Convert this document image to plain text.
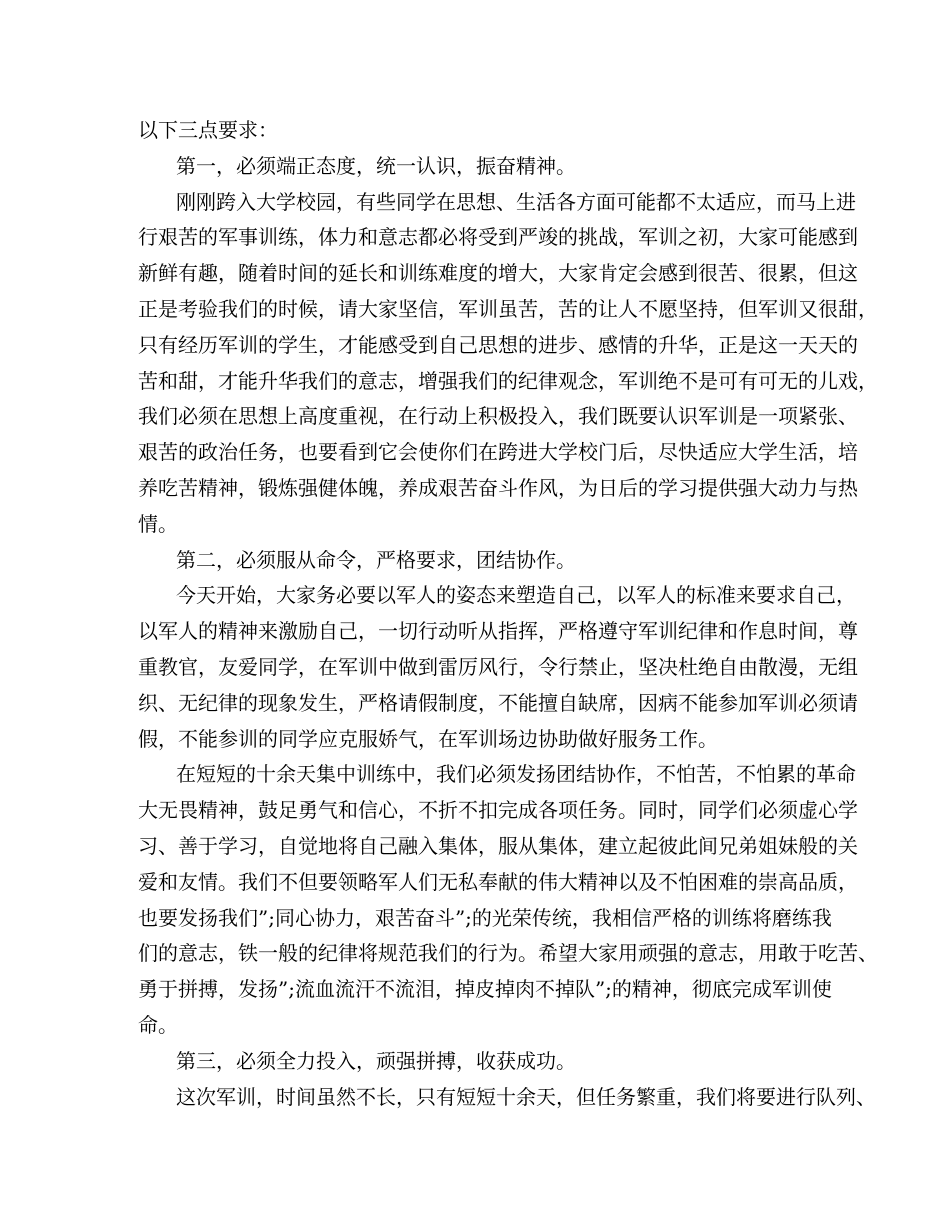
以下三点要求：
第一，必须端正态度，统一认识，振奋精神。
刚刚跨入大学校园，有些同学在思想、生活各方面可能都不太适应，而马上进
行艰苦的军事训练，体力和意志都必将受到严竣的挑战，军训之初，大家可能感到
新鲜有趣，随着时间的延长和训练难度的增大，大家肯定会感到很苦、很累，但这
正是考验我们的时候，请大家坚信，军训虽苦，苦的让人不愿坚持，但军训又很甜，
只有经历军训的学生，才能感受到自己思想的进步、感情的升华，正是这一天天的
苦和甜，才能升华我们的意志，增强我们的纪律观念，军训绝不是可有可无的儿戏，
我们必须在思想上高度重视，在行动上积极投入，我们既要认识军训是一项紧张、
艰苦的政治任务，也要看到它会使你们在跨进大学校门后，尽快适应大学生活，培
养吃苦精神，锻炼强健体魄，养成艰苦奋斗作风，为日后的学习提供强大动力与热
情。
第二，必须服从命令，严格要求，团结协作。
今天开始，大家务必要以军人的姿态来塑造自己，以军人的标准来要求自己，
以军人的精神来激励自己，一切行动听从指挥，严格遵守军训纪律和作息时间，尊
重教官，友爱同学，在军训中做到雷厉风行，令行禁止，坚决杜绝自由散漫，无组
织、无纪律的现象发生，严格请假制度，不能擅自缺席，因病不能参加军训必须请
假，不能参训的同学应克服娇气，在军训场边协助做好服务工作。
在短短的十余天集中训练中，我们必须发扬团结协作，不怕苦，不怕累的革命
大无畏精神，鼓足勇气和信心，不折不扣完成各项任务。同时，同学们必须虚心学
习、善于学习，自觉地将自己融入集体，服从集体，建立起彼此间兄弟姐妹般的关
爱和友情。我们不但要领略军人们无私奉献的伟大精神以及不怕困难的崇高品质，
也要发扬我们”;同心协力，艰苦奋斗”;的光荣传统，我相信严格的训练将磨练我
们的意志，铁一般的纪律将规范我们的行为。希望大家用顽强的意志，用敢于吃苦、
勇于拼搏，发扬”;流血流汗不流泪，掉皮掉肉不掉队”;的精神，彻底完成军训使
命。
第三，必须全力投入，顽强拼搏，收获成功。
这次军训，时间虽然不长，只有短短十余天，但任务繁重，我们将要进行队列、
